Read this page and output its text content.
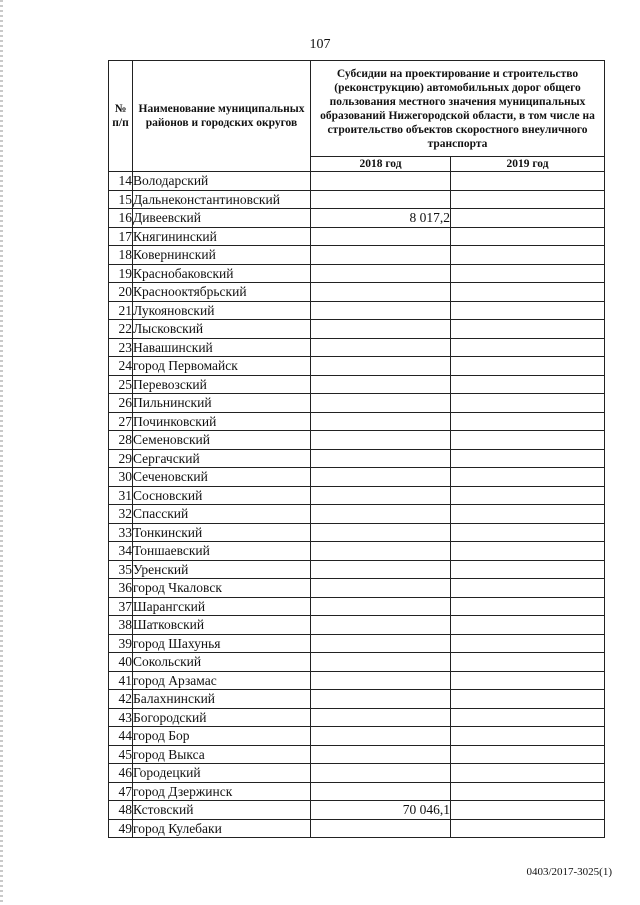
107
№ п/п	Наименование муниципальных районов и городских округов	Субсидии на проектирование и строительство (реконструкцию) автомобильных дорог общего пользования местного значения муниципальных образований Нижегородской области, в том числе на строительство объектов скоростного внеуличного транспорта	
		2018 год	2019 год
14	Володарский		
15	Дальнеконстантиновский		
16	Дивеевский	8 017,2	
17	Княгининский		
18	Ковернинский		
19	Краснобаковский		
20	Краснооктябрьский		
21	Лукояновский		
22	Лысковский		
23	Навашинский		
24	город Первомайск		
25	Перевозский		
26	Пильнинский		
27	Починковский		
28	Семеновский		
29	Сергачский		
30	Сеченовский		
31	Сосновский		
32	Спасский		
33	Тонкинский		
34	Тоншаевский		
35	Уренский		
36	город Чкаловск		
37	Шарангский		
38	Шатковский		
39	город Шахунья		
40	Сокольский		
41	город Арзамас		
42	Балахнинский		
43	Богородский		
44	город Бор		
45	город Выкса		
46	Городецкий		
47	город Дзержинск		
48	Кстовский	70 046,1	
49	город Кулебаки		
0403/2017-3025(1)
